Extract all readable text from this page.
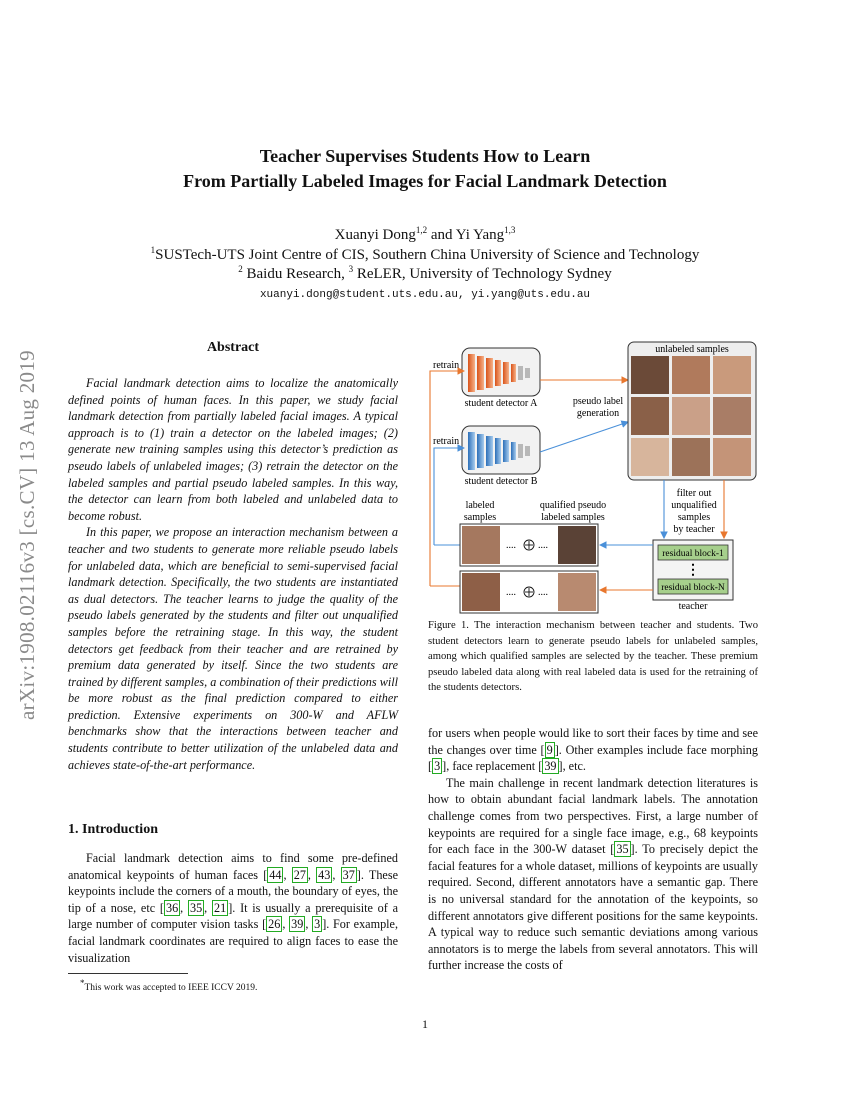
arXiv:1908.02116v3 [cs.CV] 13 Aug 2019
Teacher Supervises Students How to Learn
From Partially Labeled Images for Facial Landmark Detection
Xuanyi Dong$^{1,2}$ and Yi Yang$^{1,3}$
$^1$SUSTech-UTS Joint Centre of CIS, Southern China University of Science and Technology
$^2$ Baidu Research, $^3$ ReLER, University of Technology Sydney
xuanyi.dong@student.uts.edu.au, yi.yang@uts.edu.au
Abstract

Facial landmark detection aims to localize the anatomically defined points of human faces. In this paper, we study facial landmark detection from partially labeled facial images. A typical approach is to (1) train a detector on the labeled images; (2) generate new training samples using this detector’s prediction as pseudo labels of unlabeled images; (3) retrain the detector on the labeled samples and partial pseudo labeled samples. In this way, the detector can learn from both labeled and unlabeled data to become robust.

In this paper, we propose an interaction mechanism between a teacher and two students to generate more reliable pseudo labels for unlabeled data, which are beneficial to semi-supervised facial landmark detection. Specifically, the two students are instantiated as dual detectors. The teacher learns to judge the quality of the pseudo labels generated by the students and filter out unqualified samples before the retraining stage. In this way, the student detectors get feedback from their teacher and are retrained by premium data generated by itself. Since the two students are trained by different samples, a combination of their predictions will be more robust as the final prediction compared to either prediction. Extensive experiments on 300-W and AFLW benchmarks show that the interactions between teacher and students contribute to better utilization of the unlabeled data and achieves state-of-the-art performance.

1. Introduction

Facial landmark detection aims to find some pre-defined anatomical keypoints of human faces [ 44 , 27 , 43 , 37 ]. These keypoints include the corners of a mouth, the boundary of eyes, the tip of a nose, etc [ 36 , 35 , 21 ]. It is usually a prerequisite of a large number of computer vision tasks [ 26 , 39 , 3 ]. For example, facial landmark coordinates are required to align faces to ease the visualization

*This work was accepted to IEEE ICCV 2019.
student detector A
student detector B
retrain
retrain
pseudo label
generation
unlabeled samples
filter out
unqualified
samples
by teacher
residual block-1
⋮
residual block-N
teacher
labeled
samples
qualified pseudo
labeled samples
.... ....
.... ....
Figure 1. The interaction mechanism between teacher and students. Two student detectors learn to generate pseudo labels for unlabeled samples, among which qualified samples are selected by the teacher. These premium pseudo labeled data along with real labeled data is used for the retraining of the students detectors.

for users when people would like to sort their faces by time and see the changes over time [ 9 ]. Other examples include face morphing [ 3 ], face replacement [ 39 ], etc.

The main challenge in recent landmark detection literatures is how to obtain abundant facial landmark labels. The annotation challenge comes from two perspectives. First, a large number of keypoints are required for a single face image, e.g., 68 keypoints for each face in the 300-W dataset [ 35 ]. To precisely depict the facial features for a whole dataset, millions of keypoints are usually required. Second, different annotators have a semantic gap. There is no universal standard for the annotation of the keypoints, so different annotators give different positions for the same keypoints. A typical way to reduce such semantic deviations among various annotators is to merge the labels from several annotators. This will further increase the costs of

1
